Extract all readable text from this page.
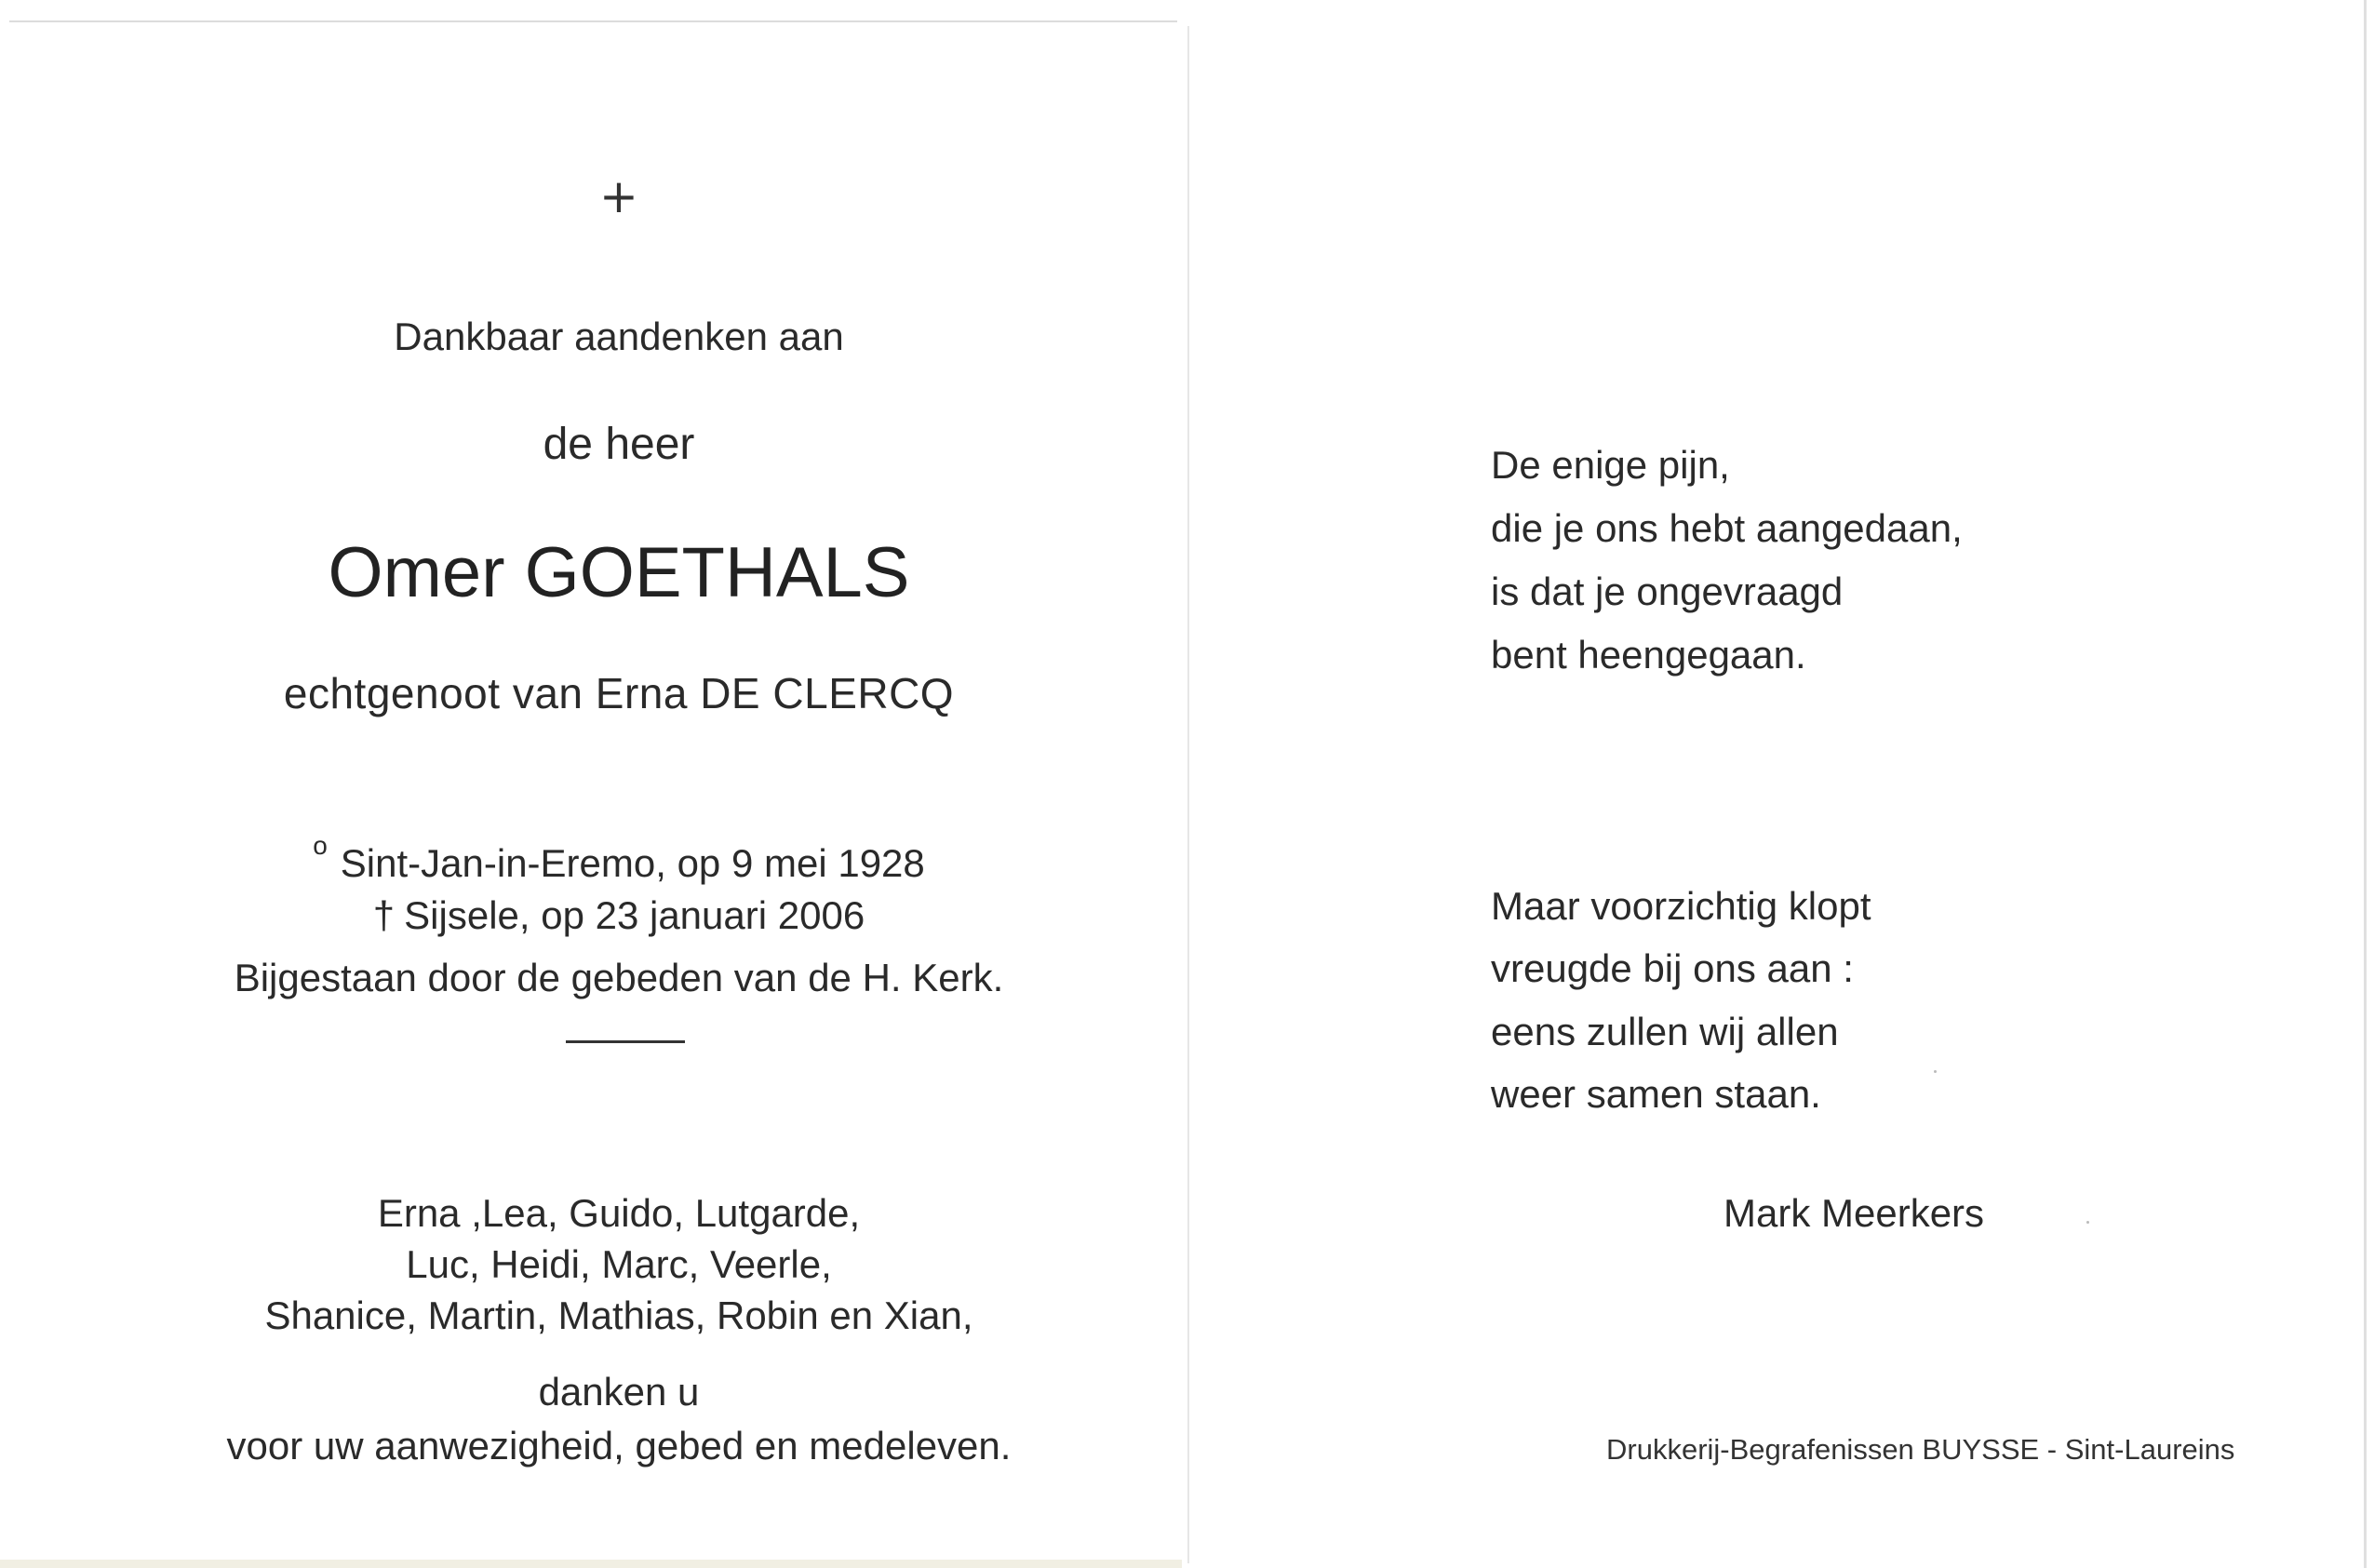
+
Dankbaar aandenken aan
de heer
Omer GOETHALS
echtgenoot van Erna DE CLERCQ
$^o$ Sint-Jan-in-Eremo, op 9 mei 1928
† Sijsele, op 23 januari 2006
Bijgestaan door de gebeden van de H. Kerk.
Erna ,Lea, Guido, Lutgarde,
Luc, Heidi, Marc, Veerle,
Shanice, Martin, Mathias, Robin en Xian,
danken u
voor uw aanwezigheid, gebed en medeleven.
De enige pijn,
die je ons hebt aangedaan,
is dat je ongevraagd
bent heengegaan.
Maar voorzichtig klopt
vreugde bij ons aan :
eens zullen wij allen
weer samen staan.
Mark Meerkers
Drukkerij-Begrafenissen BUYSSE - Sint-Laureins
